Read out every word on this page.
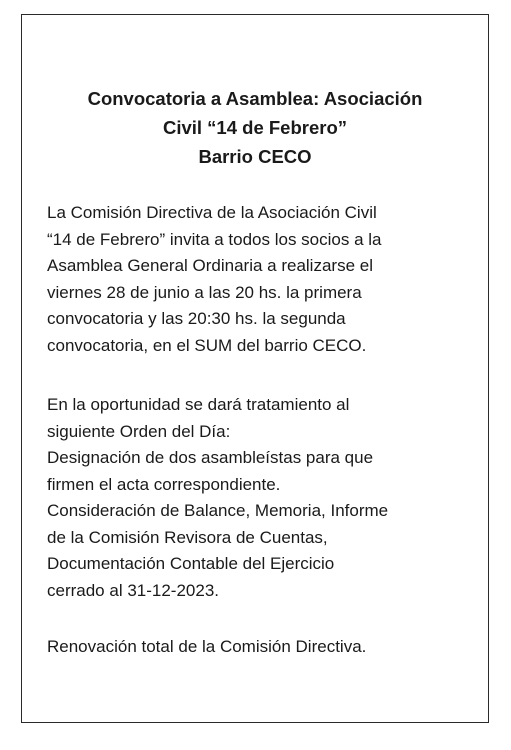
Convocatoria a Asamblea: Asociación
Civil “14 de Febrero”
Barrio CECO

La Comisión Directiva de la Asociación Civil
“14 de Febrero” invita a todos los socios a la
Asamblea General Ordinaria a realizarse el
viernes 28 de junio a las 20 hs. la primera
convocatoria y las 20:30 hs. la segunda
convocatoria, en el SUM del barrio CECO.

En la oportunidad se dará tratamiento al
siguiente Orden del Día:
Designación de dos asambleístas para que
firmen el acta correspondiente.
Consideración de Balance, Memoria, Informe
de la Comisión Revisora de Cuentas,
Documentación Contable del Ejercicio
cerrado al 31-12-2023.

Renovación total de la Comisión Directiva.
